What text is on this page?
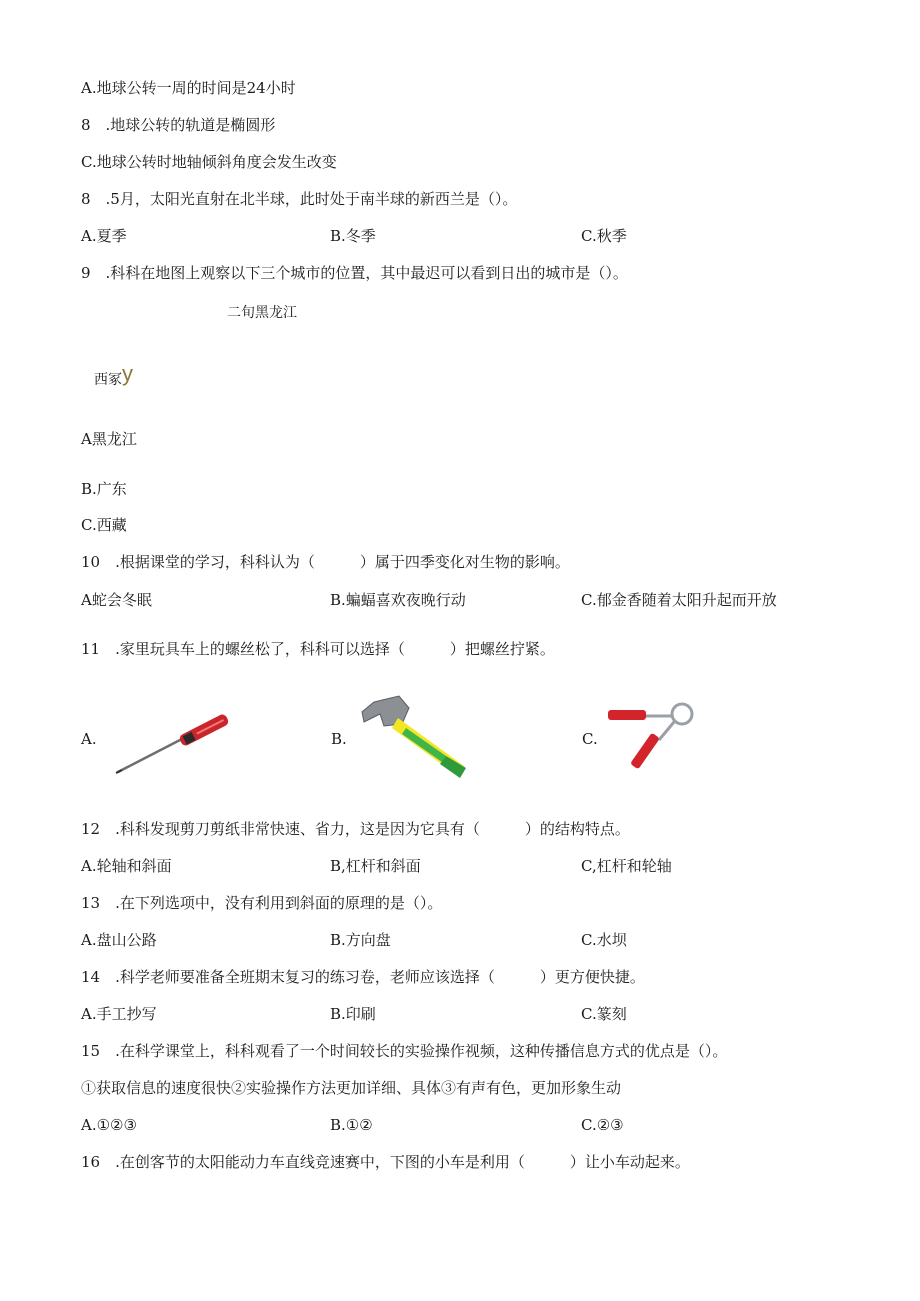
A.地球公转一周的时间是24小时
8　.地球公转的轨道是椭圆形
C.地球公转时地轴倾斜角度会发生改变
8　.5月，太阳光直射在北半球，此时处于南半球的新西兰是（）。
A.夏季	B.冬季	C.秋季
9　.科科在地图上观察以下三个城市的位置，其中最迟可以看到日出的城市是（）。
二旬黑龙江
西冢y
A黑龙江
B.广东
C.西藏
10　.根据课堂的学习，科科认为（　　　）属于四季变化对生物的影响。
A蛇会冬眠	B.蝙蝠喜欢夜晚行动	C.郁金香随着太阳升起而开放
11　.家里玩具车上的螺丝松了，科科可以选择（　　　）把螺丝拧紧。
A.	B.	C.
12　.科科发现剪刀剪纸非常快速、省力，这是因为它具有（　　　）的结构特点。
A.轮轴和斜面	B,杠杆和斜面	C,杠杆和轮轴
13　.在下列选项中，没有利用到斜面的原理的是（）。
A.盘山公路	B.方向盘	C.水坝
14　.科学老师要准备全班期末复习的练习卷，老师应该选择（　　　）更方便快捷。
A.手工抄写	B.印刷	C.篆刻
15　.在科学课堂上，科科观看了一个时间较长的实验操作视频，这种传播信息方式的优点是（）。
①获取信息的速度很快②实验操作方法更加详细、具体③有声有色，更加形象生动
A.①②③	B.①②	C.②③
16　.在创客节的太阳能动力车直线竞速赛中，下图的小车是利用（　　　）让小车动起来。
